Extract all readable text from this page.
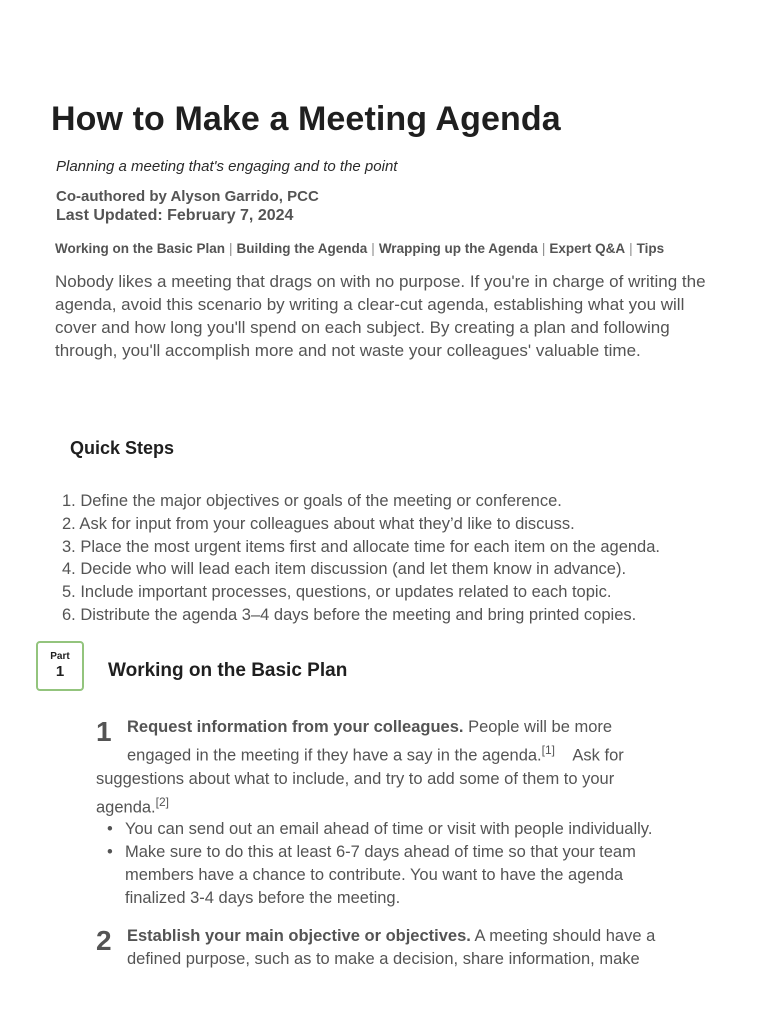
How to Make a Meeting Agenda
Planning a meeting that's engaging and to the point
Co-authored by Alyson Garrido, PCC
Last Updated: February 7, 2024
Working on the Basic Plan | Building the Agenda | Wrapping up the Agenda | Expert Q&A | Tips

Nobody likes a meeting that drags on with no purpose. If you're in charge of writing the agenda, avoid this scenario by writing a clear-cut agenda, establishing what you will cover and how long you'll spend on each subject. By creating a plan and following through, you'll accomplish more and not waste your colleagues' valuable time.

Quick Steps
1. Define the major objectives or goals of the meeting or conference.
2. Ask for input from your colleagues about what they’d like to discuss.
3. Place the most urgent items first and allocate time for each item on the agenda.
4. Decide who will lead each item discussion (and let them know in advance).
5. Include important processes, questions, or updates related to each topic.
6. Distribute the agenda 3–4 days before the meeting and bring printed copies.
Part
1	Working on the Basic Plan
1 Request information from your colleagues. People will be more engaged in the meeting if they have a say in the agenda.[1] Ask for suggestions about what to include, and try to add some of them to your agenda.[2]
• You can send out an email ahead of time or visit with people individually.
• Make sure to do this at least 6-7 days ahead of time so that your team members have a chance to contribute. You want to have the agenda finalized 3-4 days before the meeting.
2 Establish your main objective or objectives. A meeting should have a defined purpose, such as to make a decision, share information, make
